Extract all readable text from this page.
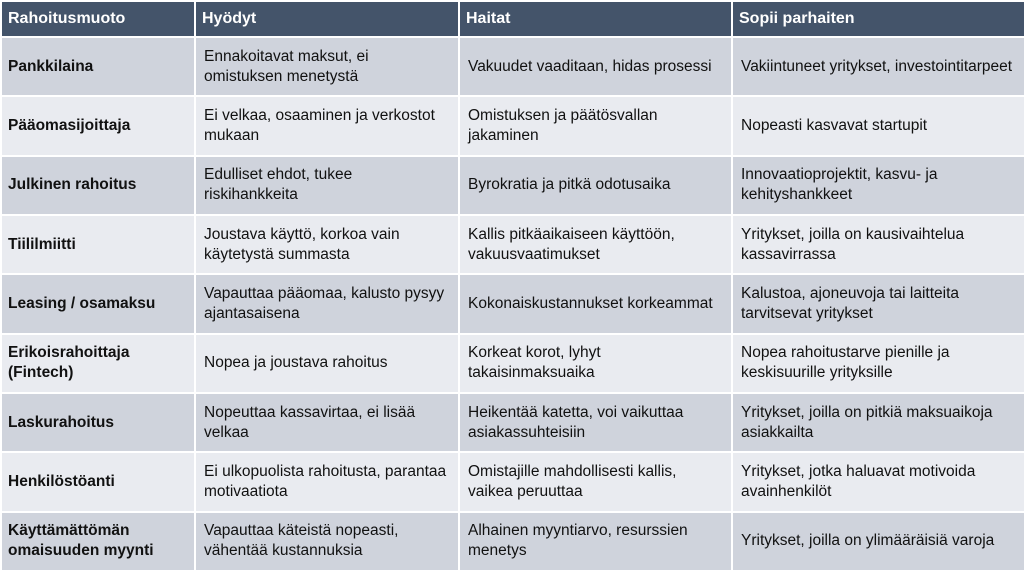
Rahoitusmuoto	Hyödyt	Haitat	Sopii parhaiten
Pankkilaina	Ennakoitavat maksut, ei omistuksen menetystä	Vakuudet vaaditaan, hidas prosessi	Vakiintuneet yritykset, investointitarpeet
Pääomasijoittaja	Ei velkaa, osaaminen ja verkostot mukaan	Omistuksen ja päätösvallan jakaminen	Nopeasti kasvavat startupit
Julkinen rahoitus	Edulliset ehdot, tukee riskihankkeita	Byrokratia ja pitkä odotusaika	Innovaatioprojektit, kasvu- ja kehityshankkeet
Tiililmiitti	Joustava käyttö, korkoa vain käytetystä summasta	Kallis pitkäaikaiseen käyttöön, vakuusvaatimukset	Yritykset, joilla on kausivaihtelua kassavirrassa
Leasing / osamaksu	Vapauttaa pääomaa, kalusto pysyy ajantasaisena	Kokonaiskustannukset korkeammat	Kalustoa, ajoneuvoja tai laitteita tarvitsevat yritykset
Erikoisrahoittaja (Fintech)	Nopea ja joustava rahoitus	Korkeat korot, lyhyt takaisinmaksuaika	Nopea rahoitustarve pienille ja keskisuurille yrityksille
Laskurahoitus	Nopeuttaa kassavirtaa, ei lisää velkaa	Heikentää katetta, voi vaikuttaa asiakassuhteisiin	Yritykset, joilla on pitkiä maksuaikoja asiakkailta
Henkilöstöanti	Ei ulkopuolista rahoitusta, parantaa motivaatiota	Omistajille mahdollisesti kallis, vaikea peruuttaa	Yritykset, jotka haluavat motivoida avainhenkilöt
Käyttämättömän omaisuuden myynti	Vapauttaa käteistä nopeasti, vähentää kustannuksia	Alhainen myyntiarvo, resurssien menetys	Yritykset, joilla on ylimääräisiä varoja
